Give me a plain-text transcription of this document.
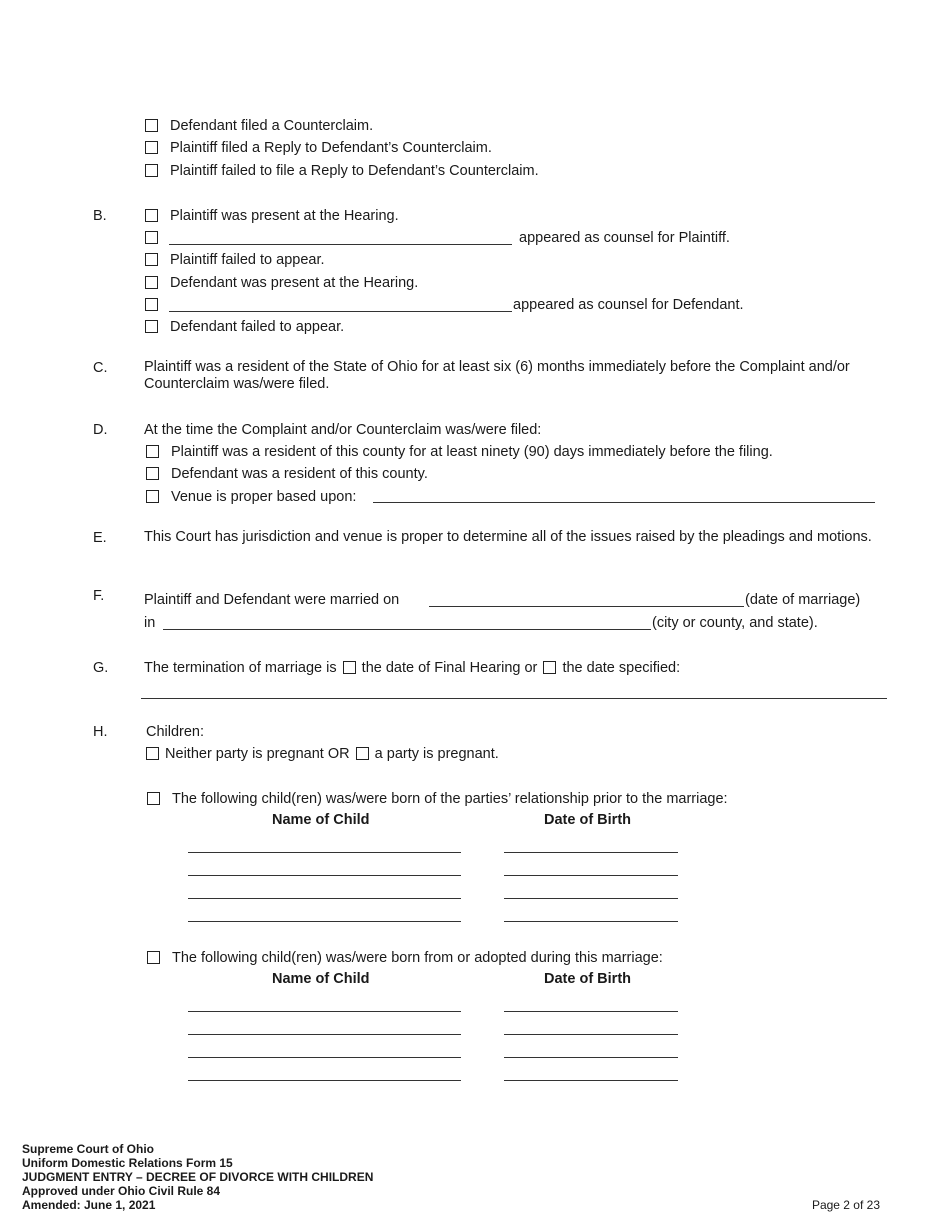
Defendant filed a Counterclaim.
Plaintiff filed a Reply to Defendant’s Counterclaim.
Plaintiff failed to file a Reply to Defendant’s Counterclaim.
B.	Plaintiff was present at the Hearing.
appeared as counsel for Plaintiff.
Plaintiff failed to appear.
Defendant was present at the Hearing.
appeared as counsel for Defendant.
Defendant failed to appear.
C.	Plaintiff was a resident of the State of Ohio for at least six (6) months immediately before the Complaint and/or Counterclaim was/were filed.
D.	At the time the Complaint and/or Counterclaim was/were filed:
Plaintiff was a resident of this county for at least ninety (90) days immediately before the filing.
Defendant was a resident of this county.
Venue is proper based upon:
E.	This Court has jurisdiction and venue is proper to determine all of the issues raised by the pleadings and motions.
F.	Plaintiff and Defendant were married on	(date of marriage)
in	(city or county, and state).
G. The termination of marriage is the date of Final Hearing or the date specified:
H.	Children:
Neither party is pregnant OR a party is pregnant.
The following child(ren) was/were born of the parties’ relationship prior to the marriage:
Name of Child	Date of Birth
The following child(ren) was/were born from or adopted during this marriage:
Name of Child	Date of Birth
Supreme Court of Ohio
Uniform Domestic Relations Form 15
JUDGMENT ENTRY – DECREE OF DIVORCE WITH CHILDREN
Approved under Ohio Civil Rule 84
Amended: June 1, 2021	Page 2 of 23
